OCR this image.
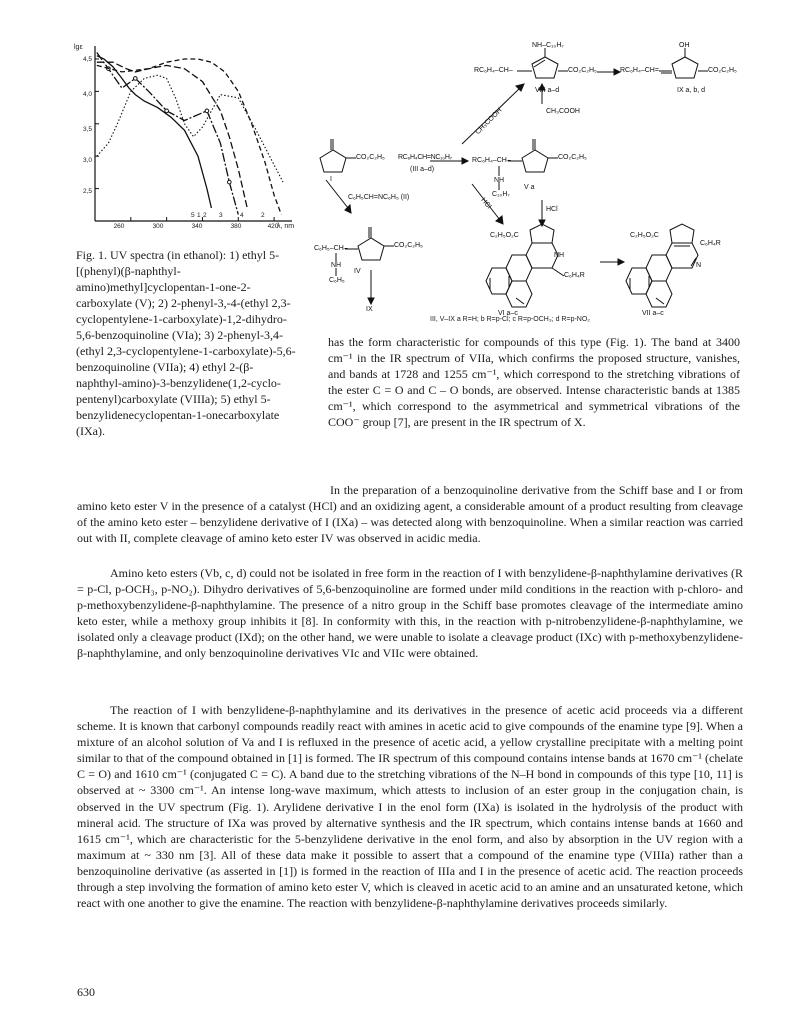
lgε
λ, nm
4,5
4,0
3,5
3,0
2,5
260	300	340	380	420
5 1 2 3	4	2
Fig. 1. UV spectra (in ethanol): 1) ethyl 5-[(phenyl)(β-naphthyl-amino)methyl]cyclopentan-1-one-2-carboxylate (V); 2) 2-phenyl-3,-4-(ethyl 2,3-cyclopentylene-1-carboxylate)-1,2-dihydro-5,6-benzoquinoline (VIa); 3) 2-phenyl-3,4-(ethyl 2,3-cyclopentylene-1-carboxylate)-5,6-benzoquinoline (VIIa); 4) ethyl 2-(β-naphthyl-amino)-3-benzylidene(1,2-cyclo-pentenyl)carboxylate (VIIIa); 5) ethyl 5-benzylidenecyclopentan-1-onecarboxylate (IXa).
RC₆H₄–CH–
NH–C₁₀H₇
CO₂C₂H₅
OH
RC₆H₄–CH=	CO₂C₂H₅
VIII a–d	IX a, b, d
CH₃COOH
CH₃COOH
CO₂C₂H₅ RC₆H₄CH=NC₁₀H₇
(III a–d)
I
RC₆H₄–CH–
NH
C₁₀H₇
V a
CO₂C₂H₅
C₆H₅CH=NC₆H₅ (II)	HCl	HCl
C₆H₅–CH–
NH
C₆H₅
IV
CO₂C₂H₅
IX
C₂H₅O₂C
C₆H₄R
NH
VI a–c
C₂H₅O₂C
C₆H₄R
N
VII a–c
III, V–IX a R=H; b R=p-Cl; c R=p-OCH₃; d R=p-NO₂
has the form characteristic for compounds of this type (Fig. 1). The band at 3400 cm⁻¹ in the IR spectrum of VIIa, which confirms the proposed structure, vanishes, and bands at 1728 and 1255 cm⁻¹, which correspond to the stretching vibrations of the ester C = O and C – O bonds, are observed. Intense characteristic bands at 1385 cm⁻¹, which correspond to the asymmetrical and symmetrical vibrations of the COO⁻ group [7], are present in the IR spectrum of X.

In the preparation of a benzoquinoline derivative from the Schiff base and I or from amino keto ester V in the presence of a catalyst (HCl) and an oxidizing agent, a considerable amount of a product resulting from cleavage of the amino keto ester – benzylidene derivative of I (IXa) – was detected along with benzoquinoline. When a similar reaction was carried out with II, complete cleavage of amino keto ester IV was observed in acidic media.

Amino keto esters (Vb, c, d) could not be isolated in free form in the reaction of I with benzylidene-β-naphthylamine derivatives (R = p-Cl, p-OCH₃, p-NO₂). Dihydro derivatives of 5,6-benzoquinoline are formed under mild conditions in the reaction with p-chloro- and p-methoxybenzylidene-β-naphthylamine. The presence of a nitro group in the Schiff base promotes cleavage of the intermediate amino keto ester, while a methoxy group inhibits it [8]. In conformity with this, in the reaction with p-nitrobenzylidene-β-naphthylamine, we isolated only a cleavage product (IXd); on the other hand, we were unable to isolate a cleavage product (IXc) with p-methoxybenzylidene-β-naphthylamine, and only benzoquinoline derivatives VIc and VIIc were obtained.

The reaction of I with benzylidene-β-naphthylamine and its derivatives in the presence of acetic acid proceeds via a different scheme. It is known that carbonyl compounds readily react with amines in acetic acid to give compounds of the enamine type [9]. When a mixture of an alcohol solution of Va and I is refluxed in the presence of acetic acid, a yellow crystalline precipitate with a melting point similar to that of the compound obtained in [1] is formed. The IR spectrum of this compound contains intense bands at 1670 cm⁻¹ (chelate C = O) and 1610 cm⁻¹ (conjugated C = C). A band due to the stretching vibrations of the N–H bond in compounds of this type [10, 11] is observed at ~ 3300 cm⁻¹. An intense long-wave maximum, which attests to inclusion of an ester group in the conjugation chain, is observed in the UV spectrum (Fig. 1). Arylidene derivative I in the enol form (IXa) is isolated in the hydrolysis of the product with mineral acid. The structure of IXa was proved by alternative synthesis and the IR spectrum, which contains intense bands at 1660 and 1615 cm⁻¹, which are characteristic for the 5-benzylidene derivative in the enol form, and also by absorption in the UV region with a maximum at ~ 330 nm [3]. All of these data make it possible to assert that a compound of the enamine type (VIIIa) rather than a benzoquinoline derivative (as asserted in [1]) is formed in the reaction of IIIa and I in the presence of acetic acid. The reaction proceeds through a step involving the formation of amino keto ester V, which is cleaved in acetic acid to an amine and an unsaturated ketone, which react with one another to give the enamine. The reaction with benzylidene-β-naphthylamine derivatives proceeds similarly.

630
